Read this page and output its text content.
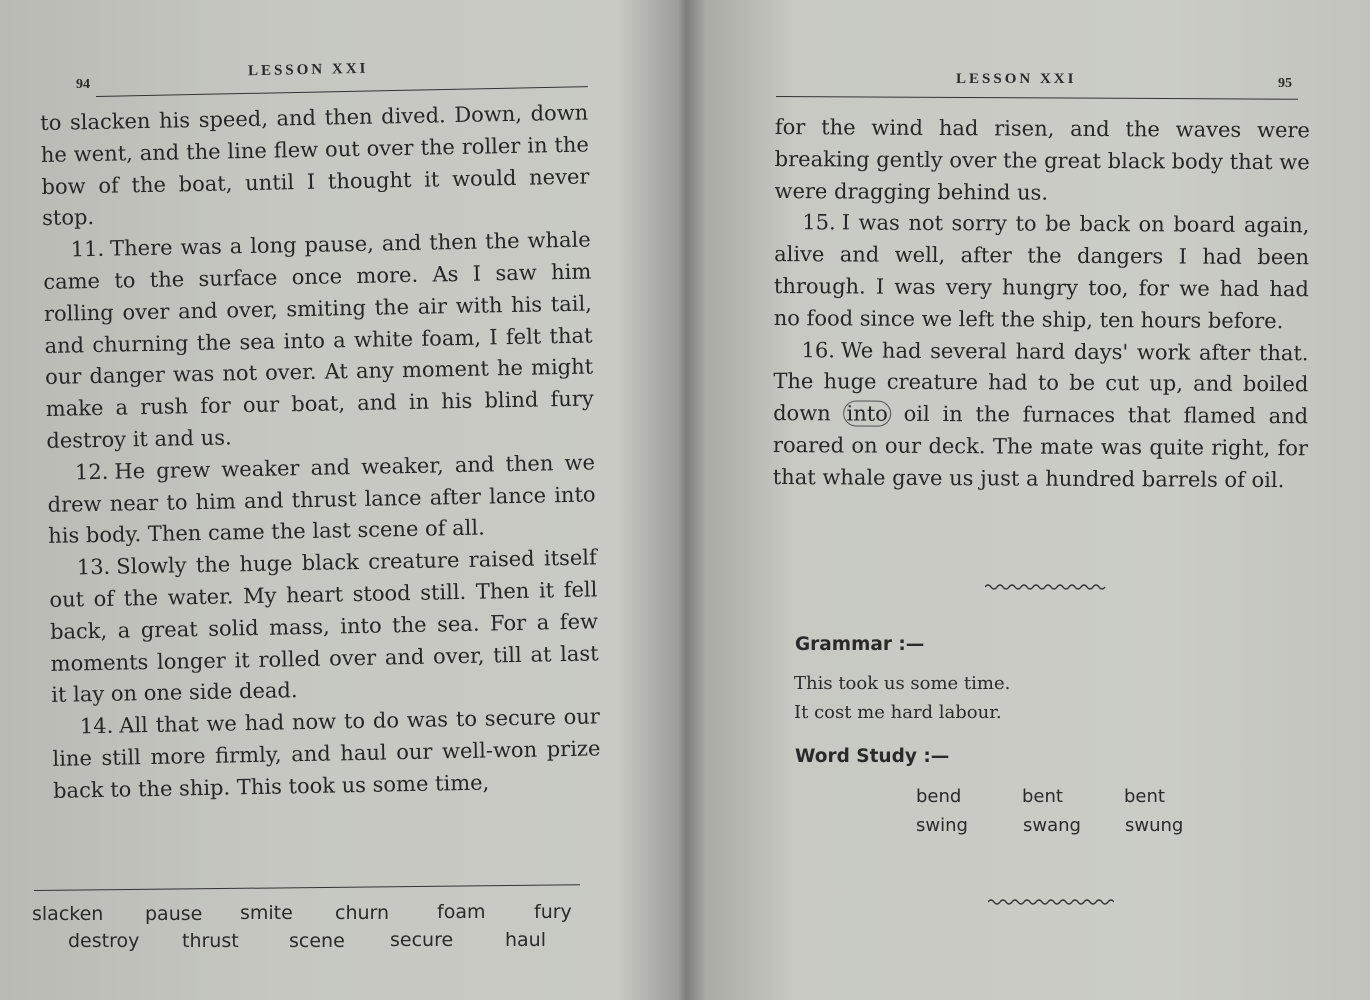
94
LESSON XXI

to slacken his speed, and then dived. Down, down he went, and the line flew out over the roller in the bow of the boat, until I thought it would never stop.

11. There was a long pause, and then the whale came to the surface once more. As I saw him rolling over and over, smiting the air with his tail, and churning the sea into a white foam, I felt that our danger was not over. At any moment he might make a rush for our boat, and in his blind fury destroy it and us.

12. He grew weaker and weaker, and then we drew near to him and thrust lance after lance into his body. Then came the last scene of all.

13. Slowly the huge black creature raised itself out of the water. My heart stood still. Then it fell back, a great solid mass, into the sea. For a few moments longer it rolled over and over, till at last it lay on one side dead.

14. All that we had now to do was to secure our line still more firmly, and haul our well-won prize back to the ship. This took us some time,

slacken pause smite churn	foam	fury
destroy thrust	scene secure	haul
LESSON XXI	95

for the wind had risen, and the waves were breaking gently over the great black body that we were dragging behind us.

15. I was not sorry to be back on board again, alive and well, after the dangers I had been through. I was very hungry too, for we had had no food since we left the ship, ten hours before.

16. We had several hard days' work after that. The huge creature had to be cut up, and boiled down into oil in the furnaces that flamed and roared on our deck. The mate was quite right, for that whale gave us just a hundred barrels of oil.

Grammar :—
This took us some time.
It cost me hard labour.
Word Study :—
bend	bent	bent
swing	swang swung
